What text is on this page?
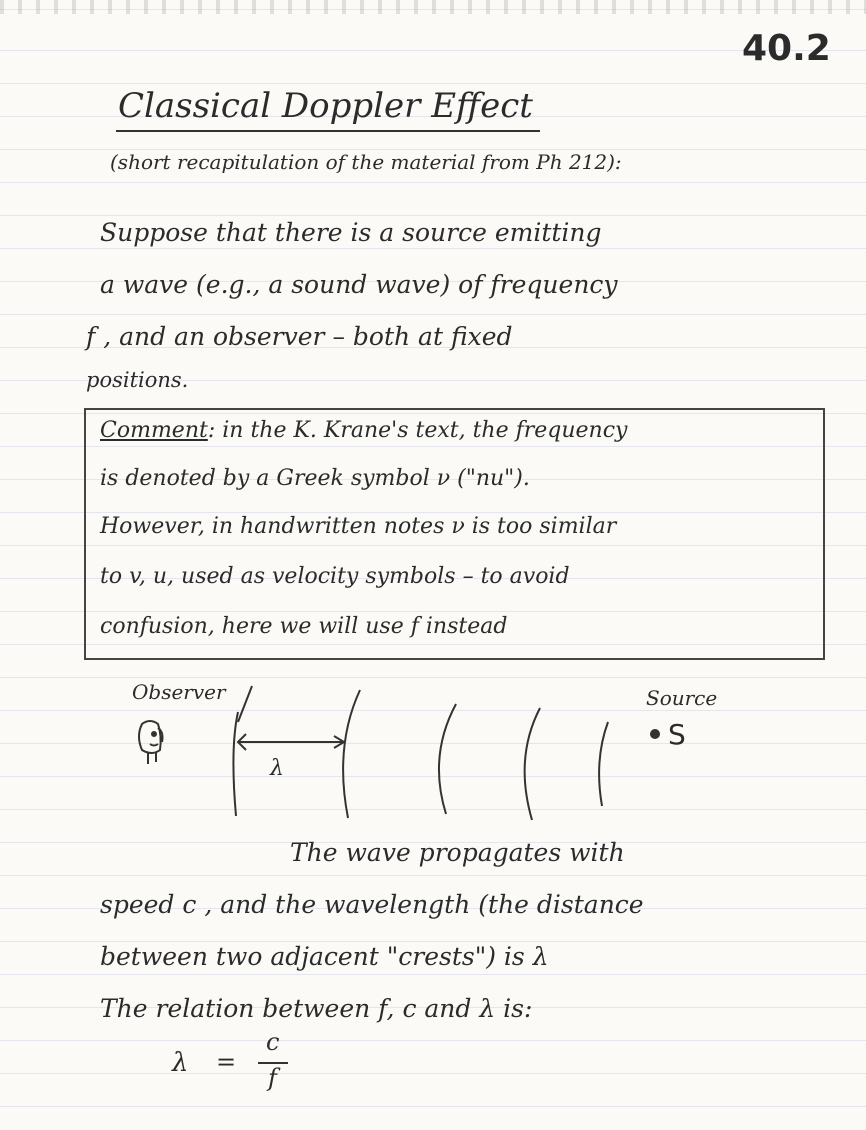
40.2
Classical Doppler Effect
(short recapitulation of the material from Ph 212):
Suppose that there is a source emitting
a wave (e.g., a sound wave) of frequency
f , and an observer – both at fixed
positions.
Comment: in the K. Krane's text, the frequency
is denoted by a Greek symbol ν ("nu").
However, in handwritten notes ν is too similar
to v, u, used as velocity symbols – to avoid
confusion, here we will use f instead
Observer	Source
λ
S
The wave propagates with
speed c , and the wavelength (the distance
between two adjacent "crests") is λ
The relation between f, c and λ is:
λ =
c
f
